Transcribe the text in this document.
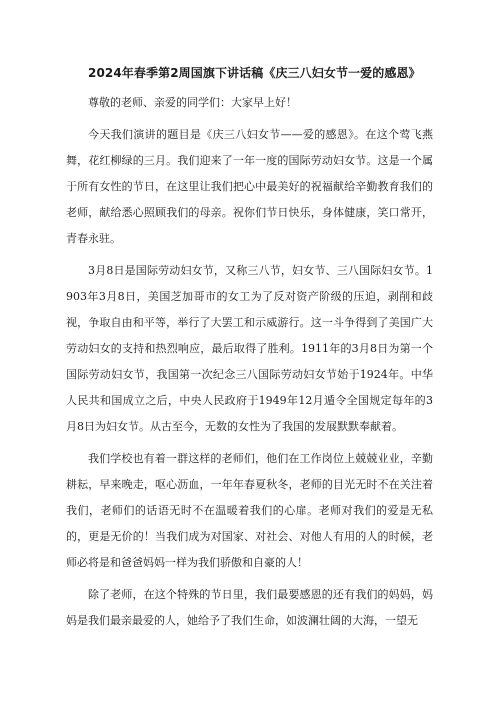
2024年春季第2周国旗下讲话稿《庆三八妇女节一爱的感恩》

尊敬的老师、亲爱的同学们：大家早上好！

今天我们演讲的题目是《庆三八妇女节——爱的感恩》。在这个莺飞燕舞，花红柳绿的三月。我们迎来了一年一度的国际劳动妇女节。这是一个属于所有女性的节日，在这里让我们把心中最美好的祝福献给辛勤教育我们的老师，献给悉心照顾我们的母亲。祝你们节日快乐，身体健康，笑口常开，青春永驻。

3月8日是国际劳动妇女节，又称三八节，妇女节、三八国际妇女节。1903年3月8日，美国芝加哥市的女工为了反对资产阶级的压迫，剥削和歧视，争取自由和平等，举行了大罢工和示威游行。这一斗争得到了美国广大劳动妇女的支持和热烈响应，最后取得了胜利。1911年的3月8日为第一个国际劳动妇女节，我国第一次纪念三八国际劳动妇女节始于1924年。中华人民共和国成立之后，中央人民政府于1949年12月遁令全国规定每年的3月8日为妇女节。从古至今，无数的女性为了我国的发展默默奉献着。

我们学校也有着一群这样的老师们，他们在工作岗位上兢兢业业，辛勤耕耘，早来晚走，呕心沥血，一年年春夏秋冬，老师的目光无时不在关注着我们，老师们的话语无时不在温暖着我们的心扉。老师对我们的爱是无私的，更是无价的！当我们成为对国家、对社会、对他人有用的人的时候，老师必将是和爸爸妈妈一样为我们骄傲和自豪的人！

除了老师，在这个特殊的节日里，我们最要感恩的还有我们的妈妈，妈妈是我们最亲最爱的人，她给予了我们生命，如波澜壮阔的大海，一望无
